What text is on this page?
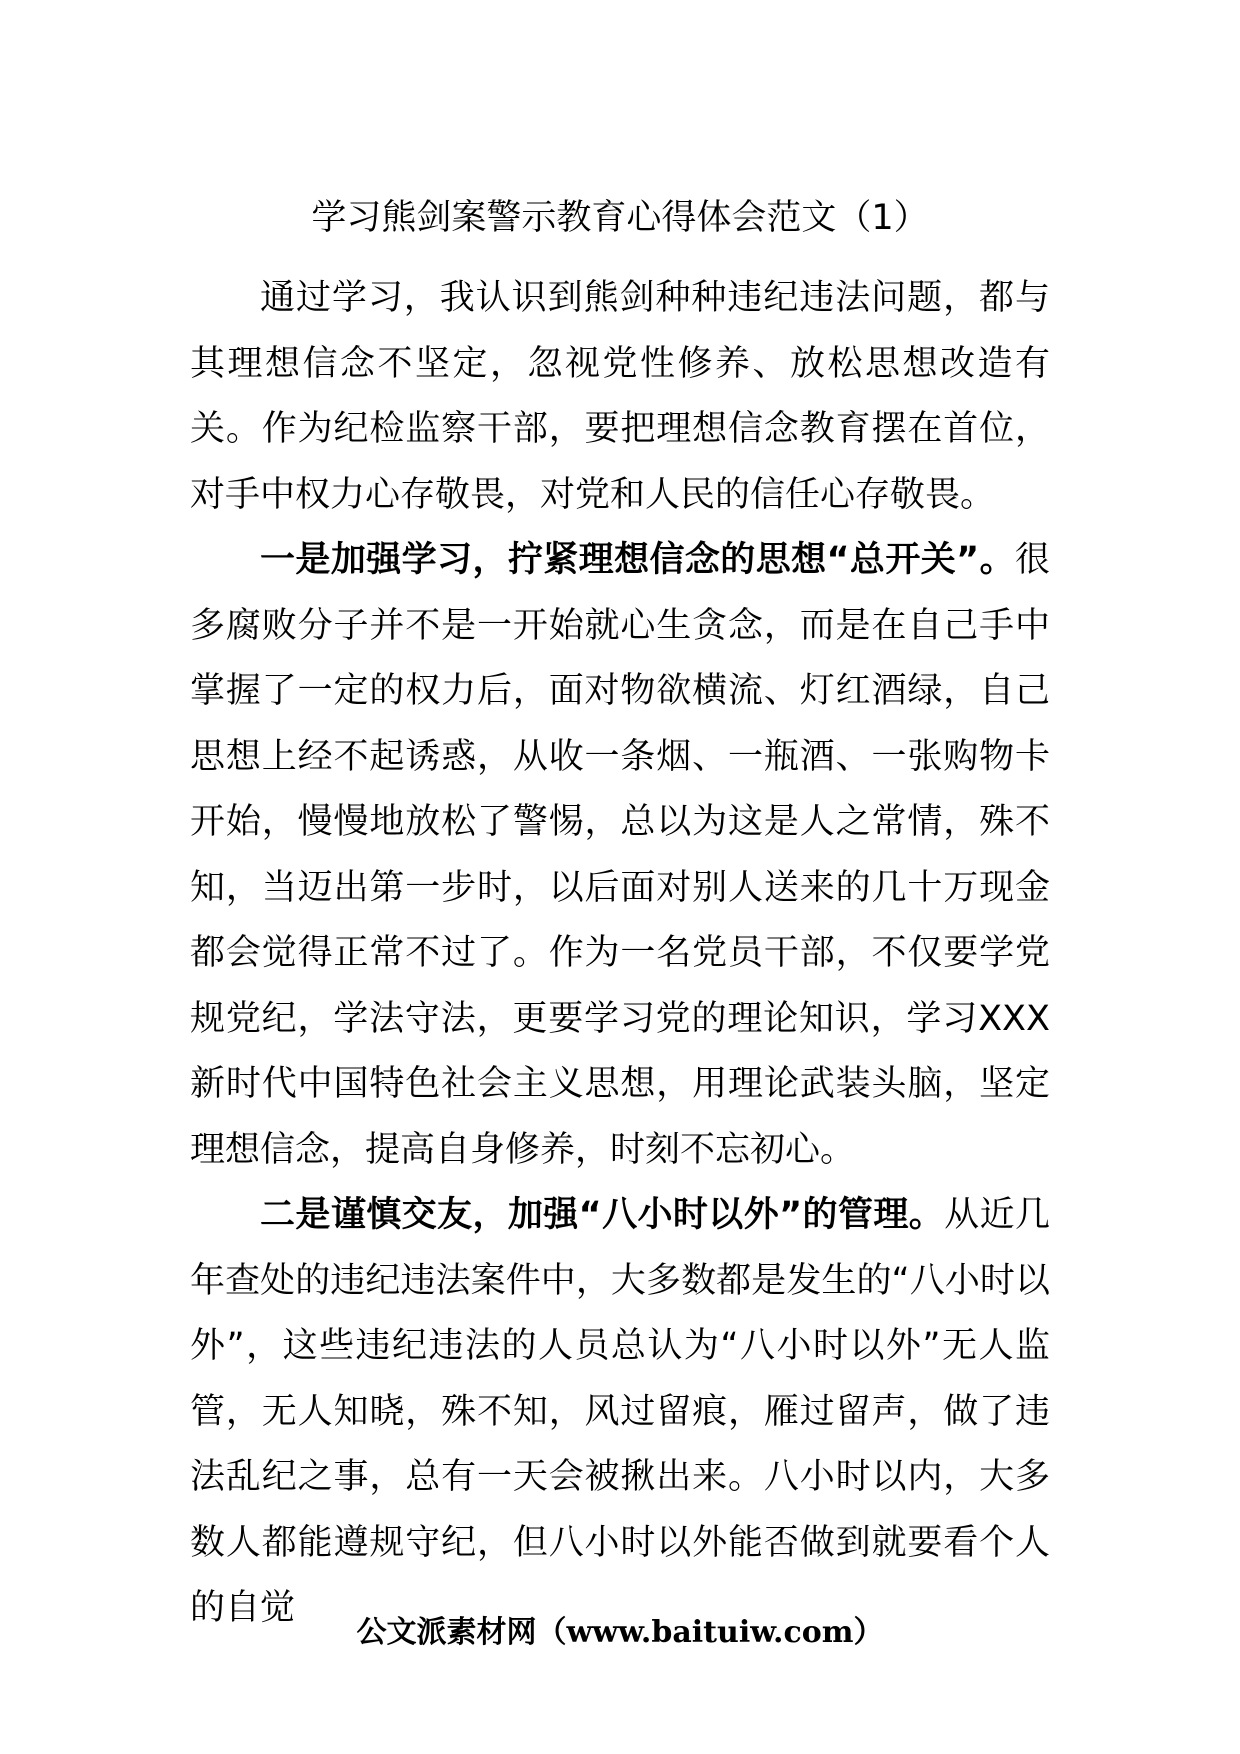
学习熊剑案警示教育心得体会范文（1）

通过学习，我认识到熊剑种种违纪违法问题，都与其理想信念不坚定，忽视党性修养、放松思想改造有关。作为纪检监察干部，要把理想信念教育摆在首位，对手中权力心存敬畏，对党和人民的信任心存敬畏。

一是加强学习，拧紧理想信念的思想“总开关”。很多腐败分子并不是一开始就心生贪念，而是在自己手中掌握了一定的权力后，面对物欲横流、灯红酒绿，自己思想上经不起诱惑，从收一条烟、一瓶酒、一张购物卡开始，慢慢地放松了警惕，总以为这是人之常情，殊不知，当迈出第一步时，以后面对别人送来的几十万现金都会觉得正常不过了。作为一名党员干部，不仅要学党规党纪，学法守法，更要学习党的理论知识，学习XXX新时代中国特色社会主义思想，用理论武装头脑，坚定理想信念，提高自身修养，时刻不忘初心。

二是谨慎交友，加强“八小时以外”的管理。从近几年查处的违纪违法案件中，大多数都是发生的“八小时以外”，这些违纪违法的人员总认为“八小时以外”无人监管，无人知晓，殊不知，风过留痕，雁过留声，做了违法乱纪之事，总有一天会被揪出来。八小时以内，大多数人都能遵规守纪，但八小时以外能否做到就要看个人的自觉

公文派素材网（www.baituiw.com）
